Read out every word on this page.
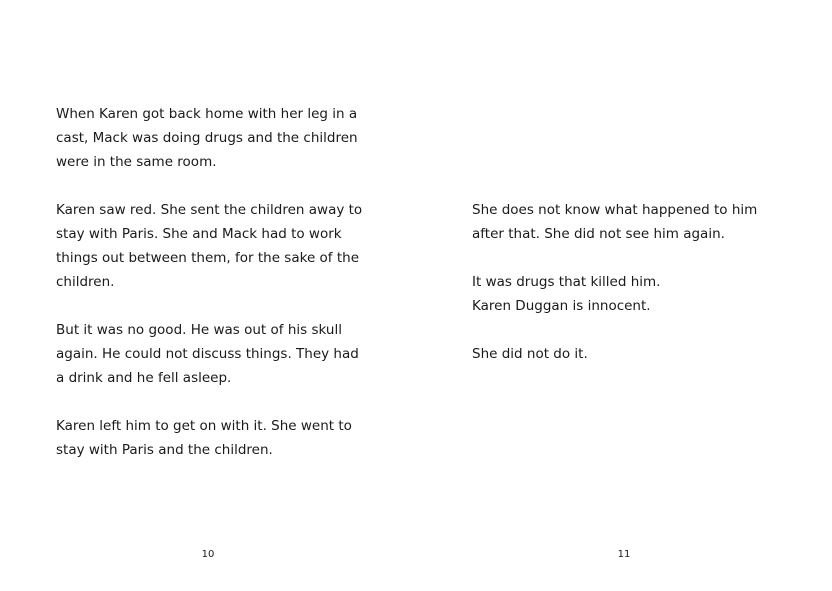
When Karen got back home with her leg in a
cast, Mack was doing drugs and the children
were in the same room.

Karen saw red. She sent the children away to
stay with Paris. She and Mack had to work
things out between them, for the sake of the
children.

But it was no good. He was out of his skull
again. He could not discuss things. They had
a drink and he fell asleep.

Karen left him to get on with it. She went to
stay with Paris and the children.

10

She does not know what happened to him
after that. She did not see him again.

It was drugs that killed him.
Karen Duggan is innocent.

She did not do it.

11
